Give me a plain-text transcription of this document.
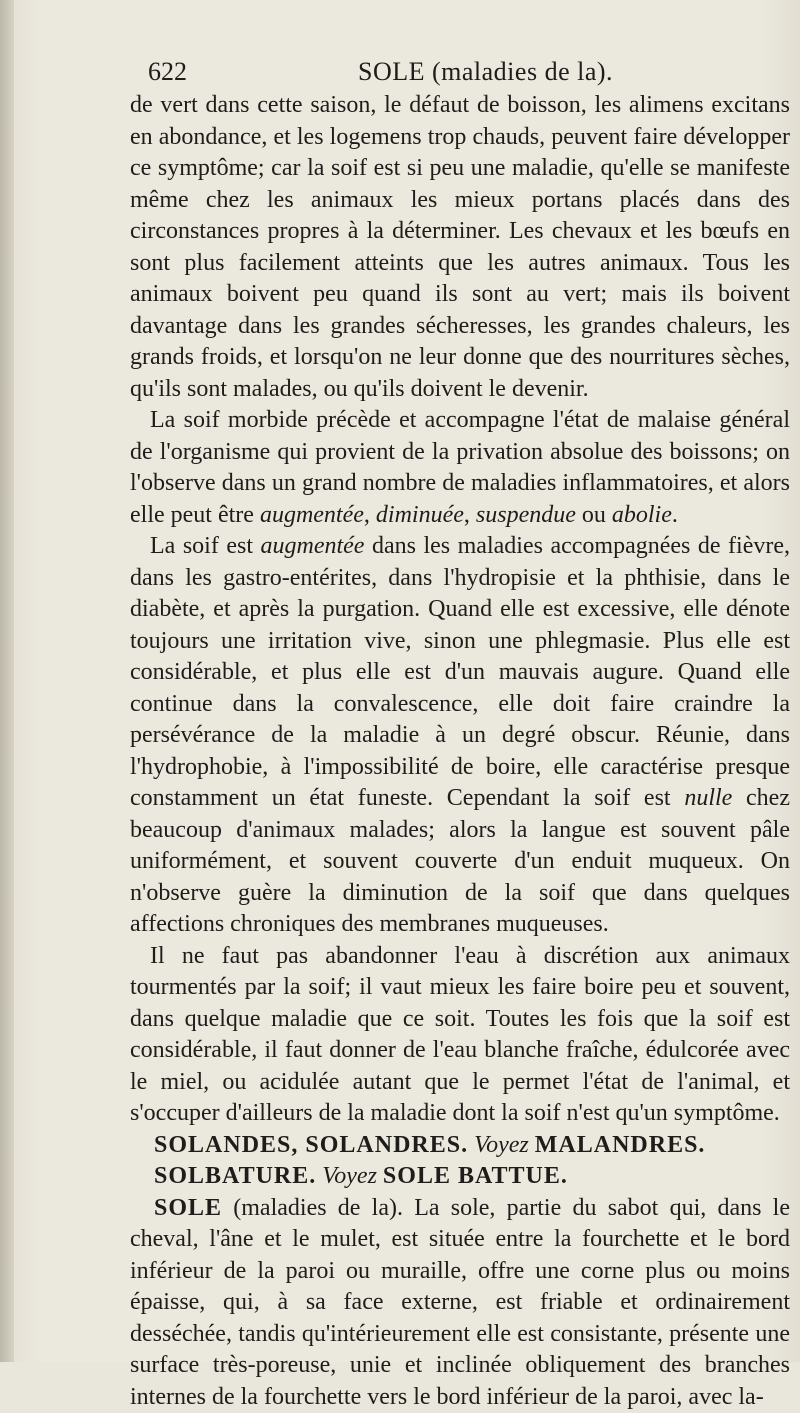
622	SOLE (maladies de la).

de vert dans cette saison, le défaut de boisson, les alimens excitans en abondance, et les logemens trop chauds, peuvent faire développer ce symptôme; car la soif est si peu une maladie, qu'elle se manifeste même chez les animaux les mieux portans placés dans des circonstances propres à la déterminer. Les chevaux et les bœufs en sont plus facilement atteints que les autres animaux. Tous les animaux boivent peu quand ils sont au vert; mais ils boivent davantage dans les grandes sécheresses, les grandes chaleurs, les grands froids, et lorsqu'on ne leur donne que des nourritures sèches, qu'ils sont malades, ou qu'ils doivent le devenir.

La soif morbide précède et accompagne l'état de malaise général de l'organisme qui provient de la privation absolue des boissons; on l'observe dans un grand nombre de maladies inflammatoires, et alors elle peut être augmentée, diminuée, suspendue ou abolie.

La soif est augmentée dans les maladies accompagnées de fièvre, dans les gastro-entérites, dans l'hydropisie et la phthisie, dans le diabète, et après la purgation. Quand elle est excessive, elle dénote toujours une irritation vive, sinon une phlegmasie. Plus elle est considérable, et plus elle est d'un mauvais augure. Quand elle continue dans la convalescence, elle doit faire craindre la persévérance de la maladie à un degré obscur. Réunie, dans l'hydrophobie, à l'impossibilité de boire, elle caractérise presque constamment un état funeste. Cependant la soif est nulle chez beaucoup d'animaux malades; alors la langue est souvent pâle uniformément, et souvent couverte d'un enduit muqueux. On n'observe guère la diminution de la soif que dans quelques affections chroniques des membranes muqueuses.

Il ne faut pas abandonner l'eau à discrétion aux animaux tourmentés par la soif; il vaut mieux les faire boire peu et souvent, dans quelque maladie que ce soit. Toutes les fois que la soif est considérable, il faut donner de l'eau blanche fraîche, édulcorée avec le miel, ou acidulée autant que le permet l'état de l'animal, et s'occuper d'ailleurs de la maladie dont la soif n'est qu'un symptôme.

SOLANDES, SOLANDRES. Voyez MALANDRES.

SOLBATURE. Voyez SOLE BATTUE.

SOLE (maladies de la). La sole, partie du sabot qui, dans le cheval, l'âne et le mulet, est située entre la fourchette et le bord inférieur de la paroi ou muraille, offre une corne plus ou moins épaisse, qui, à sa face externe, est friable et ordinairement desséchée, tandis qu'intérieurement elle est consistante, présente une surface très-poreuse, unie et inclinée obliquement des branches internes de la fourchette vers le bord inférieur de la paroi, avec la-
